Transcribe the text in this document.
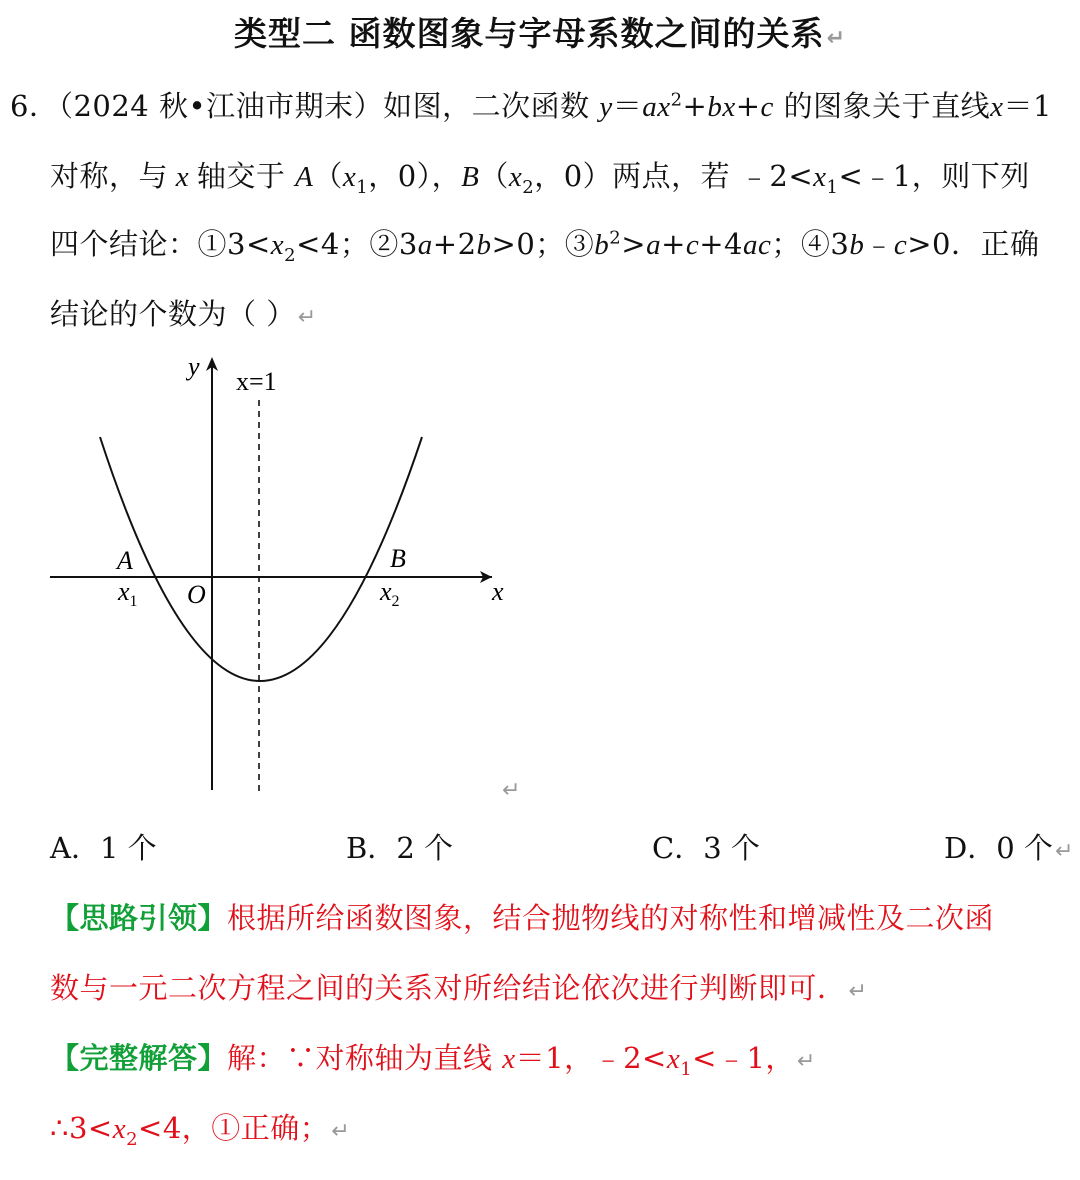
类型二 函数图象与字母系数之间的关系↵
6．（2024 秋•江油市期末）如图，二次函数 $y=ax^2+bx+c$ 的图象关于直线x＝1
对称，与 x 轴交于 $A(x_1$，0），$B(x_2$，0）两点，若 $﹣2<x_1<﹣1$，则下列
四个结论：$①3<x_2<4$；②3a+2b>0；$③b^2>a+c+4ac$；④3b﹣c>0．正确
结论的个数为（ ）↵
y
x
O
x=1
A	B
$x_1$	$x_2$
↵
A．1 个	B．2 个	C．3 个	D．0 个↵
【思路引领】根据所给函数图象，结合抛物线的对称性和增减性及二次函
数与一元二次方程之间的关系对所给结论依次进行判断即可．↵
【完整解答】解：∵对称轴为直线 x＝1，$﹣2<x_1<﹣1$，↵
$\therefore 3<x_2<4$，①正确；↵
